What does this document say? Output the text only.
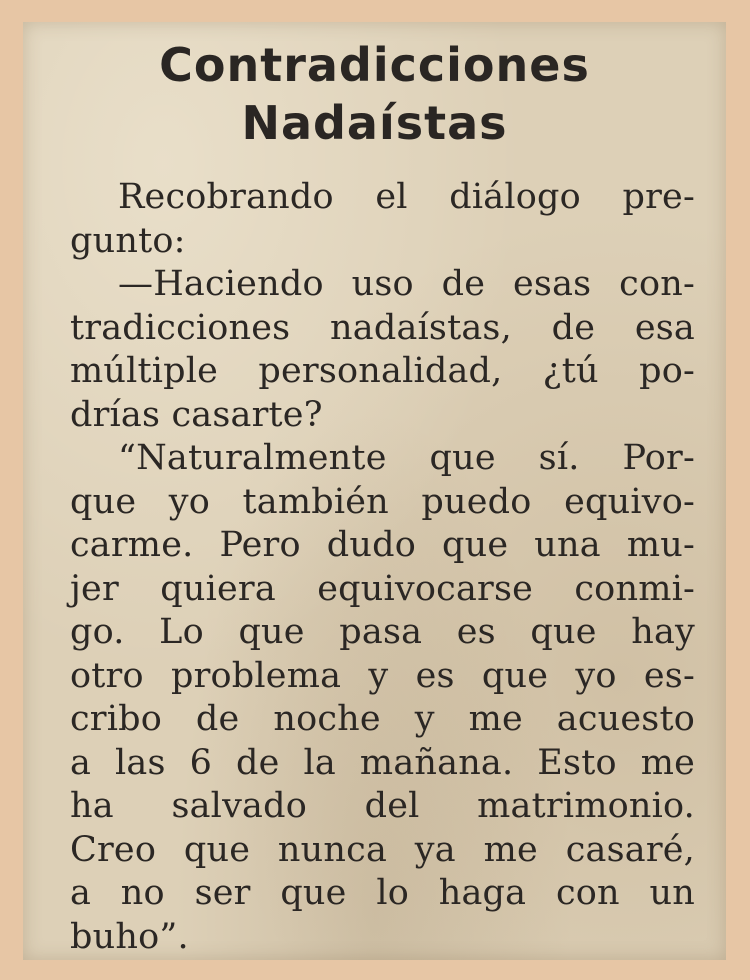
Contradicciones
Nadaístas
Recobrando el diálogo pre-
gunto:
—Haciendo uso de esas con-
tradicciones nadaístas, de esa
múltiple personalidad, ¿tú po-
drías casarte?
“Naturalmente que sí. Por-
que yo también puedo equivo-
carme. Pero dudo que una mu-
jer quiera equivocarse conmi-
go. Lo que pasa es que hay
otro problema y es que yo es-
cribo de noche y me acuesto
a las 6 de la mañana. Esto me
ha salvado del matrimonio.
Creo que nunca ya me casaré,
a no ser que lo haga con un
buho”.
